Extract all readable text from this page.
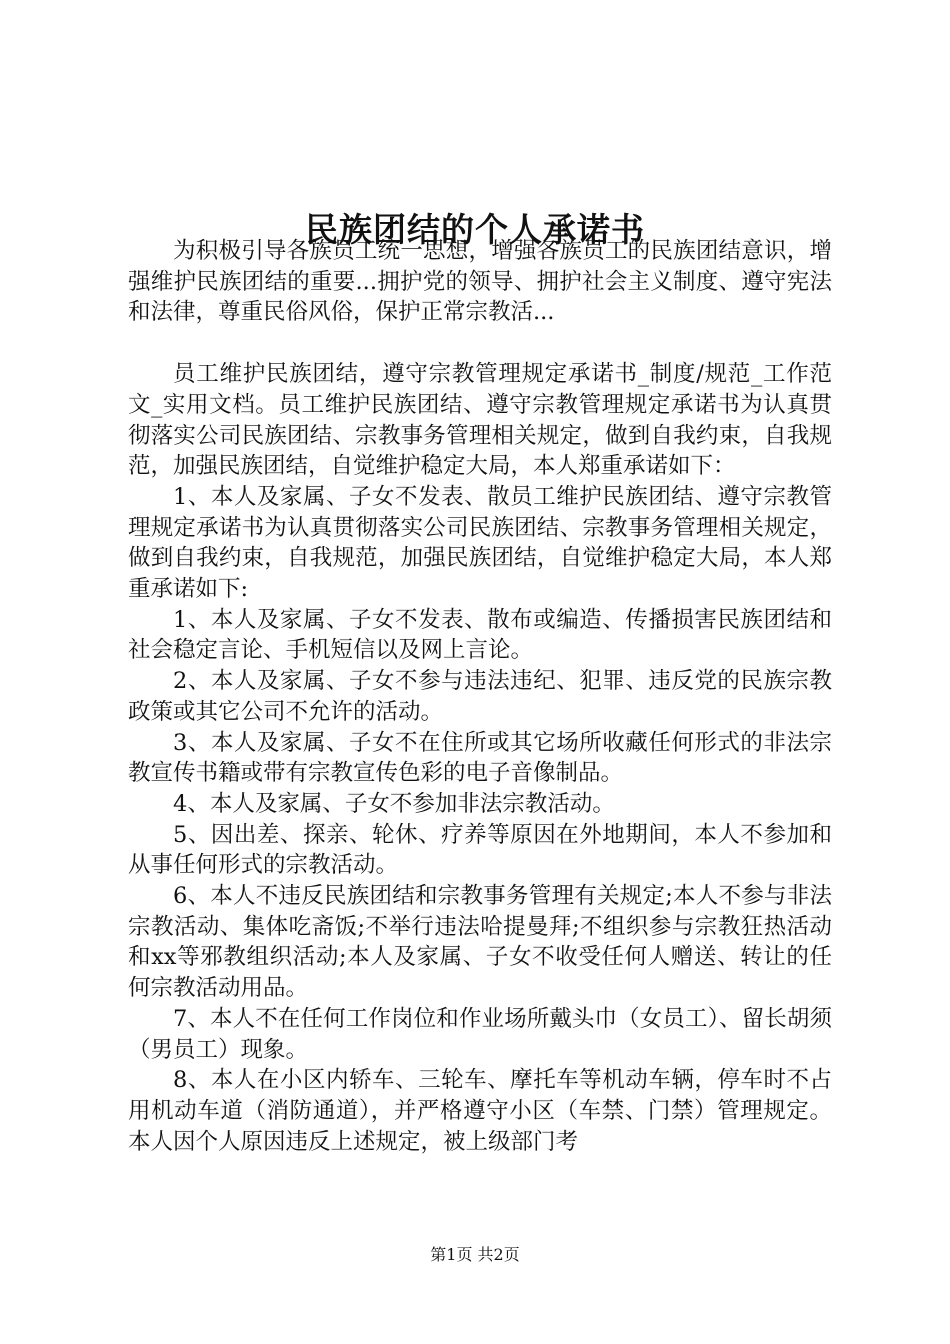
民族团结的个人承诺书

为积极引导各族员工统一思想，增强各族员工的民族团结意识，增强维护民族团结的重要...拥护党的领导、拥护社会主义制度、遵守宪法和法律，尊重民俗风俗，保护正常宗教活...

员工维护民族团结，遵守宗教管理规定承诺书_制度/规范_工作范文_实用文档。员工维护民族团结、遵守宗教管理规定承诺书为认真贯彻落实公司民族团结、宗教事务管理相关规定，做到自我约束，自我规范，加强民族团结，自觉维护稳定大局，本人郑重承诺如下：

1、本人及家属、子女不发表、散员工维护民族团结、遵守宗教管理规定承诺书为认真贯彻落实公司民族团结、宗教事务管理相关规定，做到自我约束，自我规范，加强民族团结，自觉维护稳定大局，本人郑重承诺如下:

1、本人及家属、子女不发表、散布或编造、传播损害民族团结和社会稳定言论、手机短信以及网上言论。

2、本人及家属、子女不参与违法违纪、犯罪、违反党的民族宗教政策或其它公司不允许的活动。

3、本人及家属、子女不在住所或其它场所收藏任何形式的非法宗教宣传书籍或带有宗教宣传色彩的电子音像制品。

4、本人及家属、子女不参加非法宗教活动。

5、因出差、探亲、轮休、疗养等原因在外地期间，本人不参加和从事任何形式的宗教活动。

6、本人不违反民族团结和宗教事务管理有关规定;本人不参与非法宗教活动、集体吃斋饭;不举行违法哈提曼拜;不组织参与宗教狂热活动和xx等邪教组织活动;本人及家属、子女不收受任何人赠送、转让的任何宗教活动用品。

7、本人不在任何工作岗位和作业场所戴头巾（女员工）、留长胡须（男员工）现象。

8、本人在小区内轿车、三轮车、摩托车等机动车辆，停车时不占用机动车道（消防通道），并严格遵守小区（车禁、门禁）管理规定。本人因个人原因违反上述规定，被上级部门考

第1页 共2页
